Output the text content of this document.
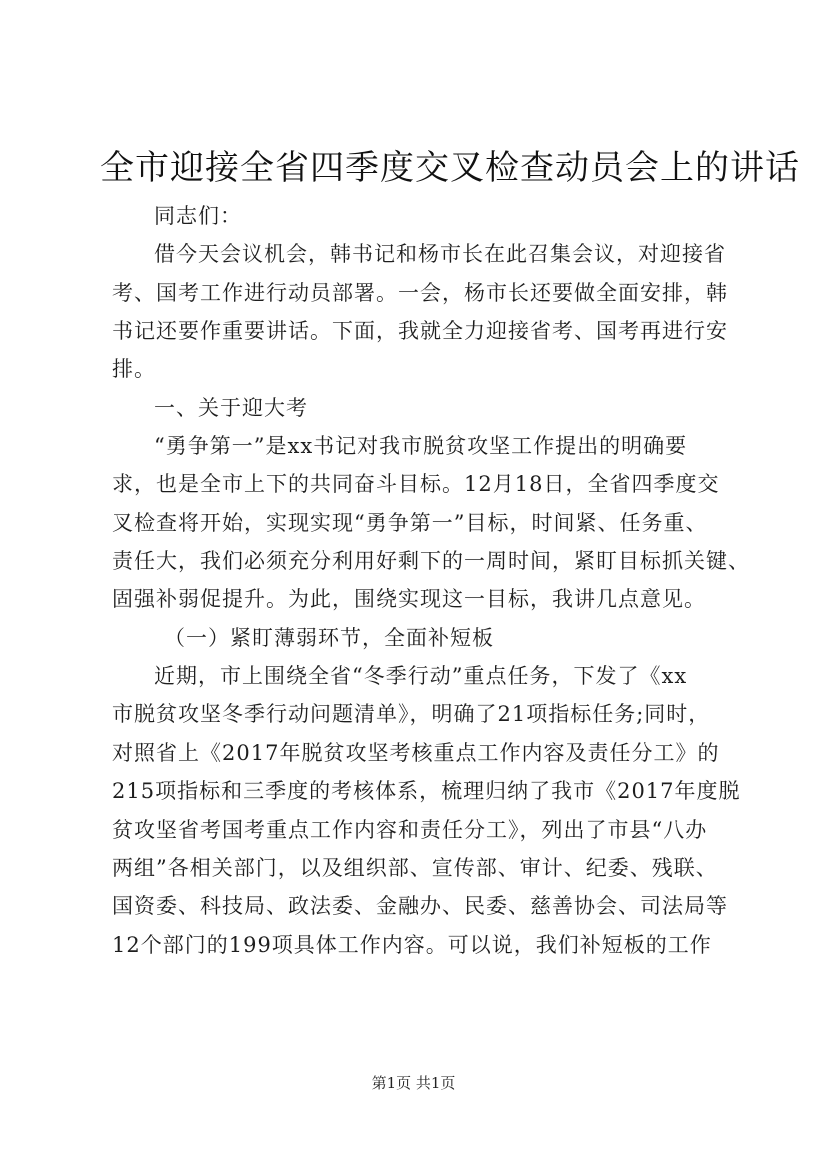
全市迎接全省四季度交叉检查动员会上的讲话
同志们：
借今天会议机会，韩书记和杨市长在此召集会议，对迎接省
考、国考工作进行动员部署。一会，杨市长还要做全面安排，韩
书记还要作重要讲话。下面，我就全力迎接省考、国考再进行安
排。
一、关于迎大考
“勇争第一”是xx书记对我市脱贫攻坚工作提出的明确要
求，也是全市上下的共同奋斗目标。12月18日，全省四季度交
叉检查将开始，实现实现“勇争第一”目标，时间紧、任务重、
责任大，我们必须充分利用好剩下的一周时间，紧盯目标抓关键、
固强补弱促提升。为此，围绕实现这一目标，我讲几点意见。
（一）紧盯薄弱环节，全面补短板
近期，市上围绕全省“冬季行动”重点任务，下发了《xx
市脱贫攻坚冬季行动问题清单》，明确了21项指标任务;同时，
对照省上《2017年脱贫攻坚考核重点工作内容及责任分工》的
215项指标和三季度的考核体系，梳理归纳了我市《2017年度脱
贫攻坚省考国考重点工作内容和责任分工》，列出了市县“八办
两组”各相关部门，以及组织部、宣传部、审计、纪委、残联、
国资委、科技局、政法委、金融办、民委、慈善协会、司法局等
12个部门的199项具体工作内容。可以说，我们补短板的工作
第1页 共1页
